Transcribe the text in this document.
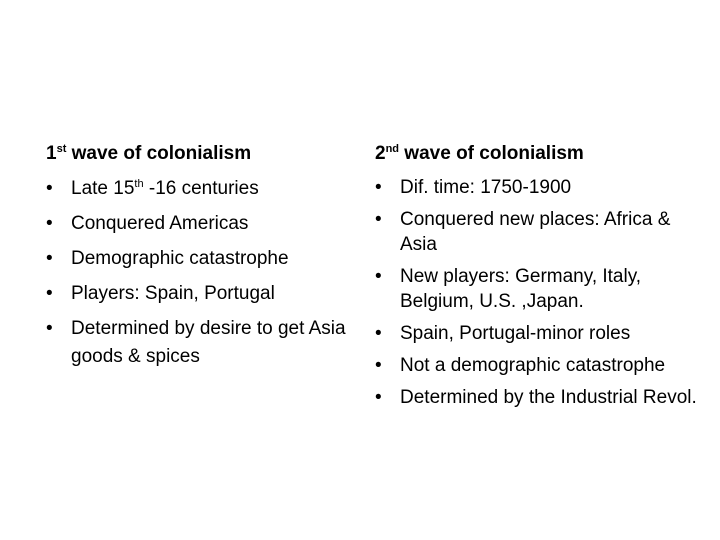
1st wave of colonialism
• Late 15th -16 centuries
• Conquered Americas
• Demographic catastrophe
• Players: Spain, Portugal
• Determined by desire to get Asia goods & spices
2nd wave of colonialism
• Dif. time: 1750-1900
• Conquered new places: Africa & Asia
• New players: Germany, Italy, Belgium, U.S. ,Japan.
• Spain, Portugal-minor roles
• Not a demographic catastrophe
• Determined by the Industrial Revol.
